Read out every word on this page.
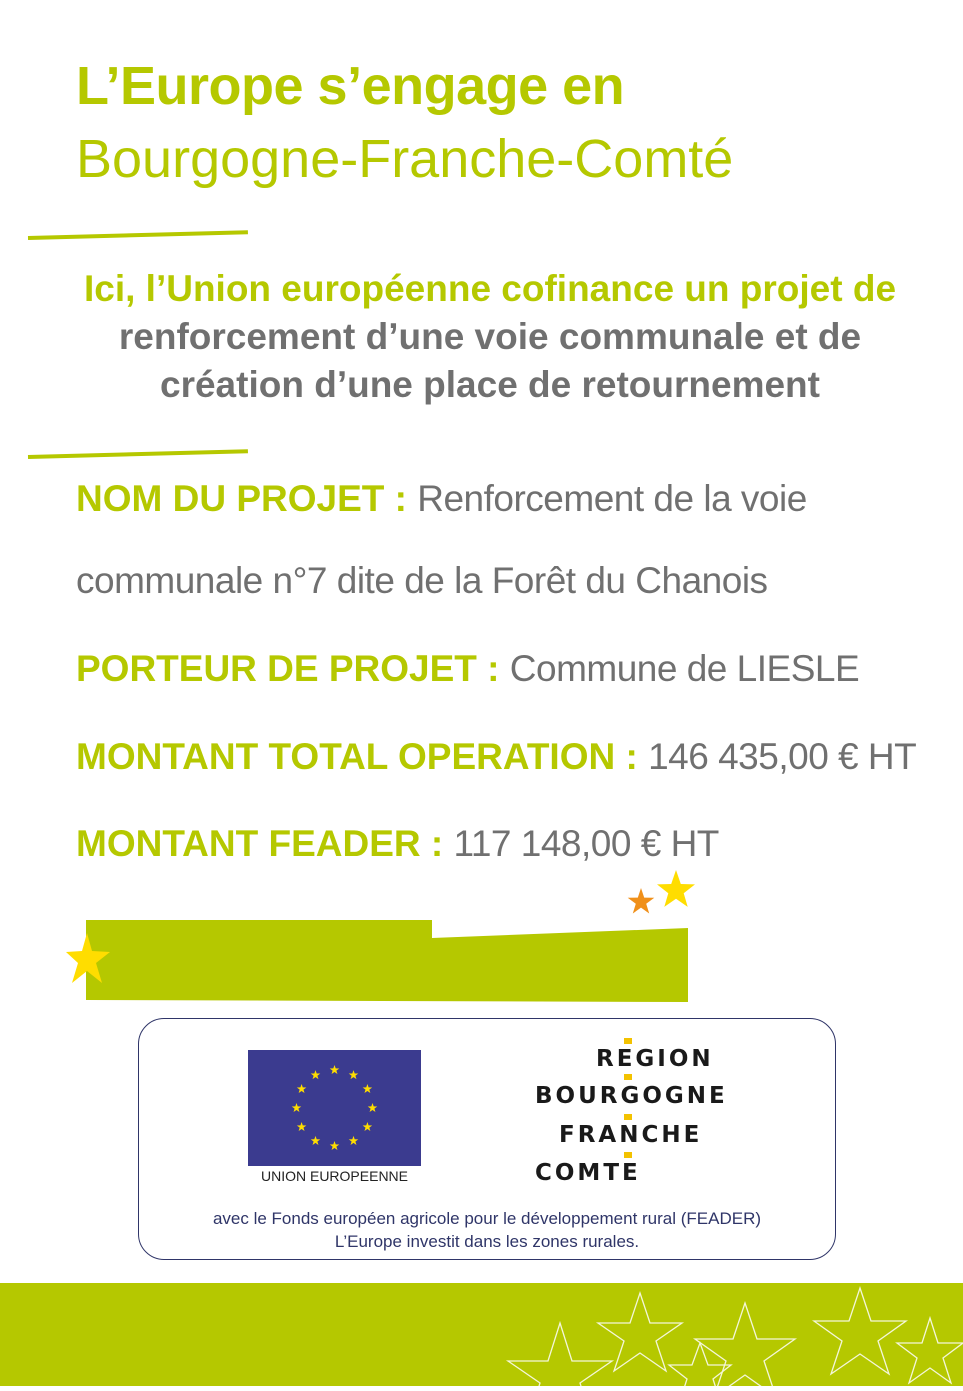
L’Europe s’engage en
Bourgogne-Franche-Comté
Ici, l’Union européenne cofinance un projet de
renforcement d’une voie communale et de
création d’une place de retournement
NOM DU PROJET : Renforcement de la voie
communale n°7 dite de la Forêt du Chanois
PORTEUR DE PROJET : Commune de LIESLE
MONTANT TOTAL OPERATION : 146 435,00 € HT
MONTANT FEADER : 117 148,00 € HT
UNION EUROPEENNE
REGION
BOURGOGNE
FRANCHE
COMTE
avec le Fonds européen agricole pour le développement rural (FEADER)
L’Europe investit dans les zones rurales.
